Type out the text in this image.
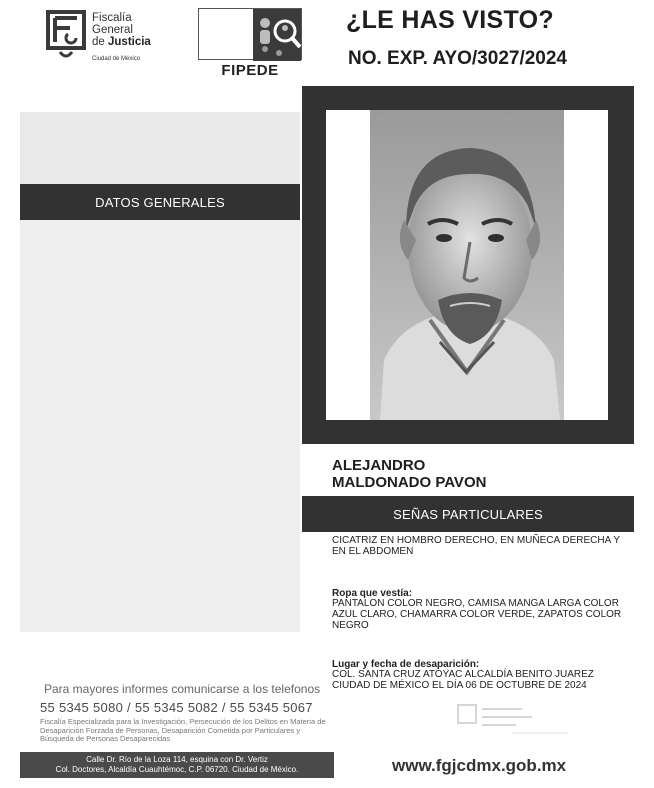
Fiscalía
General
de Justicia
Ciudad de México
FIPEDE
¿LE HAS VISTO?
NO. EXP. AYO/3027/2024
DATOS GENERALES
ALEJANDRO
MALDONADO PAVON
SEÑAS PARTICULARES
CICATRIZ EN HOMBRO DERECHO, EN MUÑECA DERECHA Y EN EL ABDOMEN
Ropa que vestía:
PANTALON COLOR NEGRO, CAMISA MANGA LARGA COLOR AZUL CLARO, CHAMARRA COLOR VERDE, ZAPATOS COLOR NEGRO
Lugar y fecha de desaparición:
COL. SANTA CRUZ ATOYAC ALCALDÍA BENITO JUAREZ CIUDAD DE MÉXICO EL DÍA 06 DE OCTUBRE DE 2024
Para mayores informes comunicarse a los telefonos
55 5345 5080 / 55 5345 5082 / 55 5345 5067
Fiscalía Especializada para la Investigación, Persecución de los Delitos en Materia de Desaparición Forzada de Personas, Desaparición Cometida por Particulares y Búsqueda de Personas Desaparecidas
Calle Dr. Río de la Loza 114, esquina con Dr. Vertiz
Col. Doctores, Alcaldía Cuauhtémoc, C.P. 06720. Ciudad de México.	www.fgjcdmx.gob.mx
